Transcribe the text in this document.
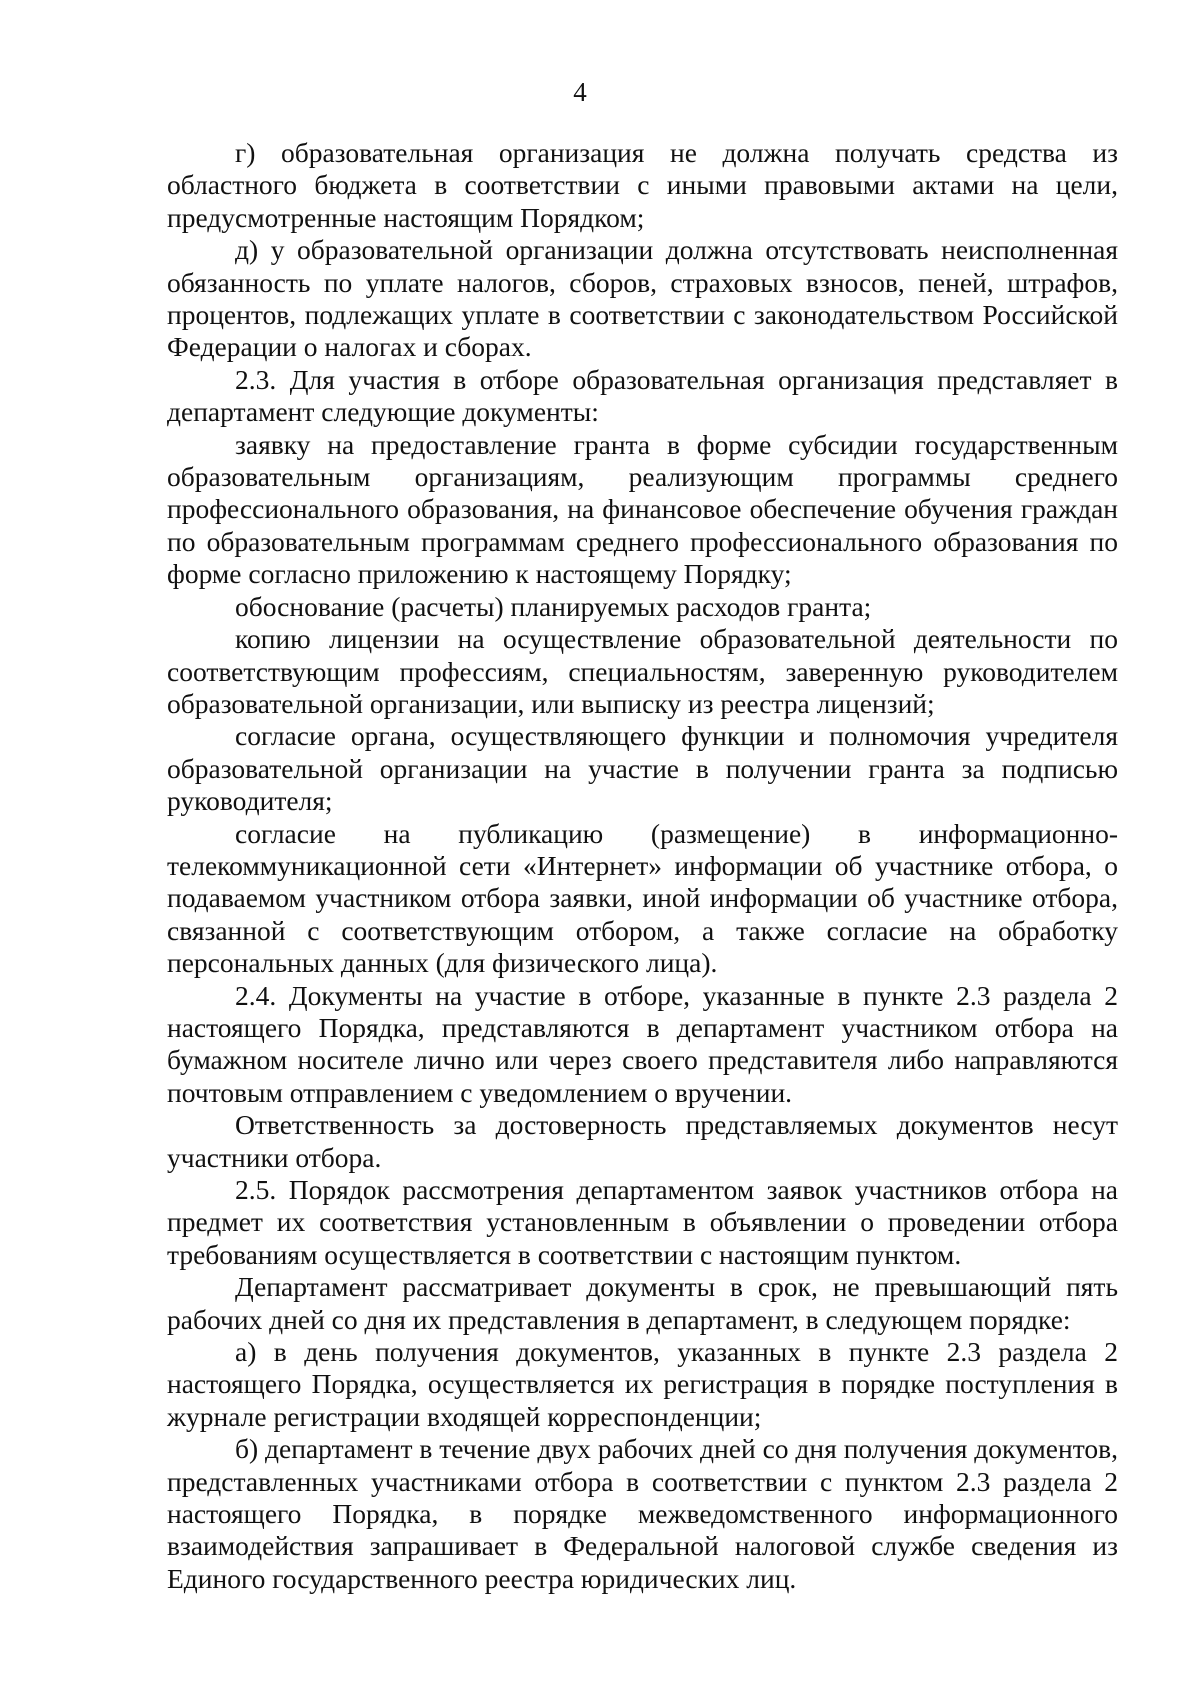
4

г) образовательная организация не должна получать средства из областного бюджета в соответствии с иными правовыми актами на цели, предусмотренные настоящим Порядком;

д) у образовательной организации должна отсутствовать неисполненная обязанность по уплате налогов, сборов, страховых взносов, пеней, штрафов, процентов, подлежащих уплате в соответствии с законодательством Российской Федерации о налогах и сборах.

2.3. Для участия в отборе образовательная организация представляет в департамент следующие документы:

заявку на предоставление гранта в форме субсидии государственным образовательным организациям, реализующим программы среднего профессионального образования, на финансовое обеспечение обучения граждан по образовательным программам среднего профессионального образования по форме согласно приложению к настоящему Порядку;

обоснование (расчеты) планируемых расходов гранта;

копию лицензии на осуществление образовательной деятельности по соответствующим профессиям, специальностям, заверенную руководителем образовательной организации, или выписку из реестра лицензий;

согласие органа, осуществляющего функции и полномочия учредителя образовательной организации на участие в получении гранта за подписью руководителя;

согласие на публикацию (размещение) в информационно-телекоммуникационной сети «Интернет» информации об участнике отбора, о подаваемом участником отбора заявки, иной информации об участнике отбора, связанной с соответствующим отбором, а также согласие на обработку персональных данных (для физического лица).

2.4. Документы на участие в отборе, указанные в пункте 2.3 раздела 2 настоящего Порядка, представляются в департамент участником отбора на бумажном носителе лично или через своего представителя либо направляются почтовым отправлением с уведомлением о вручении.

Ответственность за достоверность представляемых документов несут участники отбора.

2.5. Порядок рассмотрения департаментом заявок участников отбора на предмет их соответствия установленным в объявлении о проведении отбора требованиям осуществляется в соответствии с настоящим пунктом.

Департамент рассматривает документы в срок, не превышающий пять рабочих дней со дня их представления в департамент, в следующем порядке:

а) в день получения документов, указанных в пункте 2.3 раздела 2 настоящего Порядка, осуществляется их регистрация в порядке поступления в журнале регистрации входящей корреспонденции;

б) департамент в течение двух рабочих дней со дня получения документов, представленных участниками отбора в соответствии с пунктом 2.3 раздела 2 настоящего Порядка, в порядке межведомственного информационного взаимодействия запрашивает в Федеральной налоговой службе сведения из Единого государственного реестра юридических лиц.
